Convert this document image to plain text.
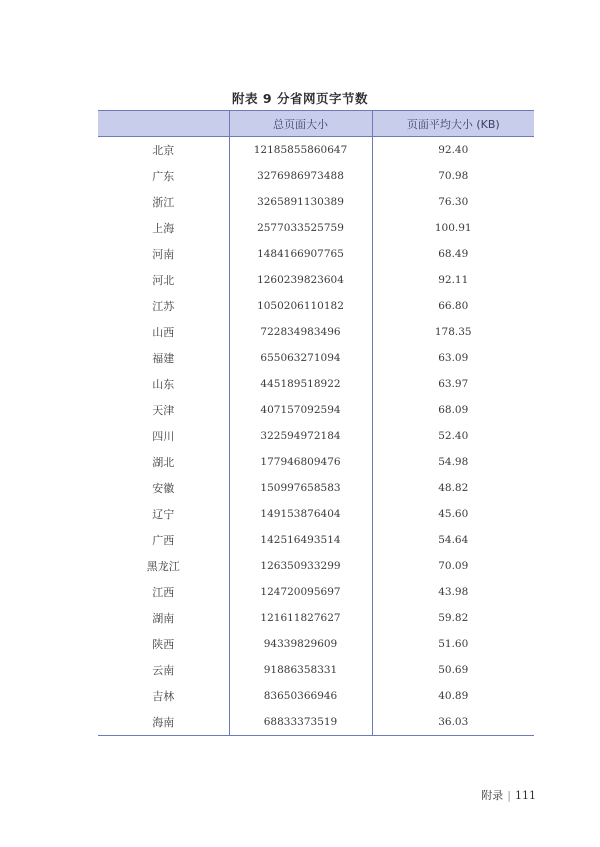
附表 9 分省网页字节数
	总页面大小	页面平均大小 (KB)
北京	12185855860647	92.40
广东	3276986973488	70.98
浙江	3265891130389	76.30
上海	2577033525759	100.91
河南	1484166907765	68.49
河北	1260239823604	92.11
江苏	1050206110182	66.80
山西	722834983496	178.35
福建	655063271094	63.09
山东	445189518922	63.97
天津	407157092594	68.09
四川	322594972184	52.40
湖北	177946809476	54.98
安徽	150997658583	48.82
辽宁	149153876404	45.60
广西	142516493514	54.64
黑龙江	126350933299	70.09
江西	124720095697	43.98
湖南	121611827627	59.82
陕西	94339829609	51.60
云南	91886358331	50.69
吉林	83650366946	40.89
海南	68833373519	36.03
附录 | 111
